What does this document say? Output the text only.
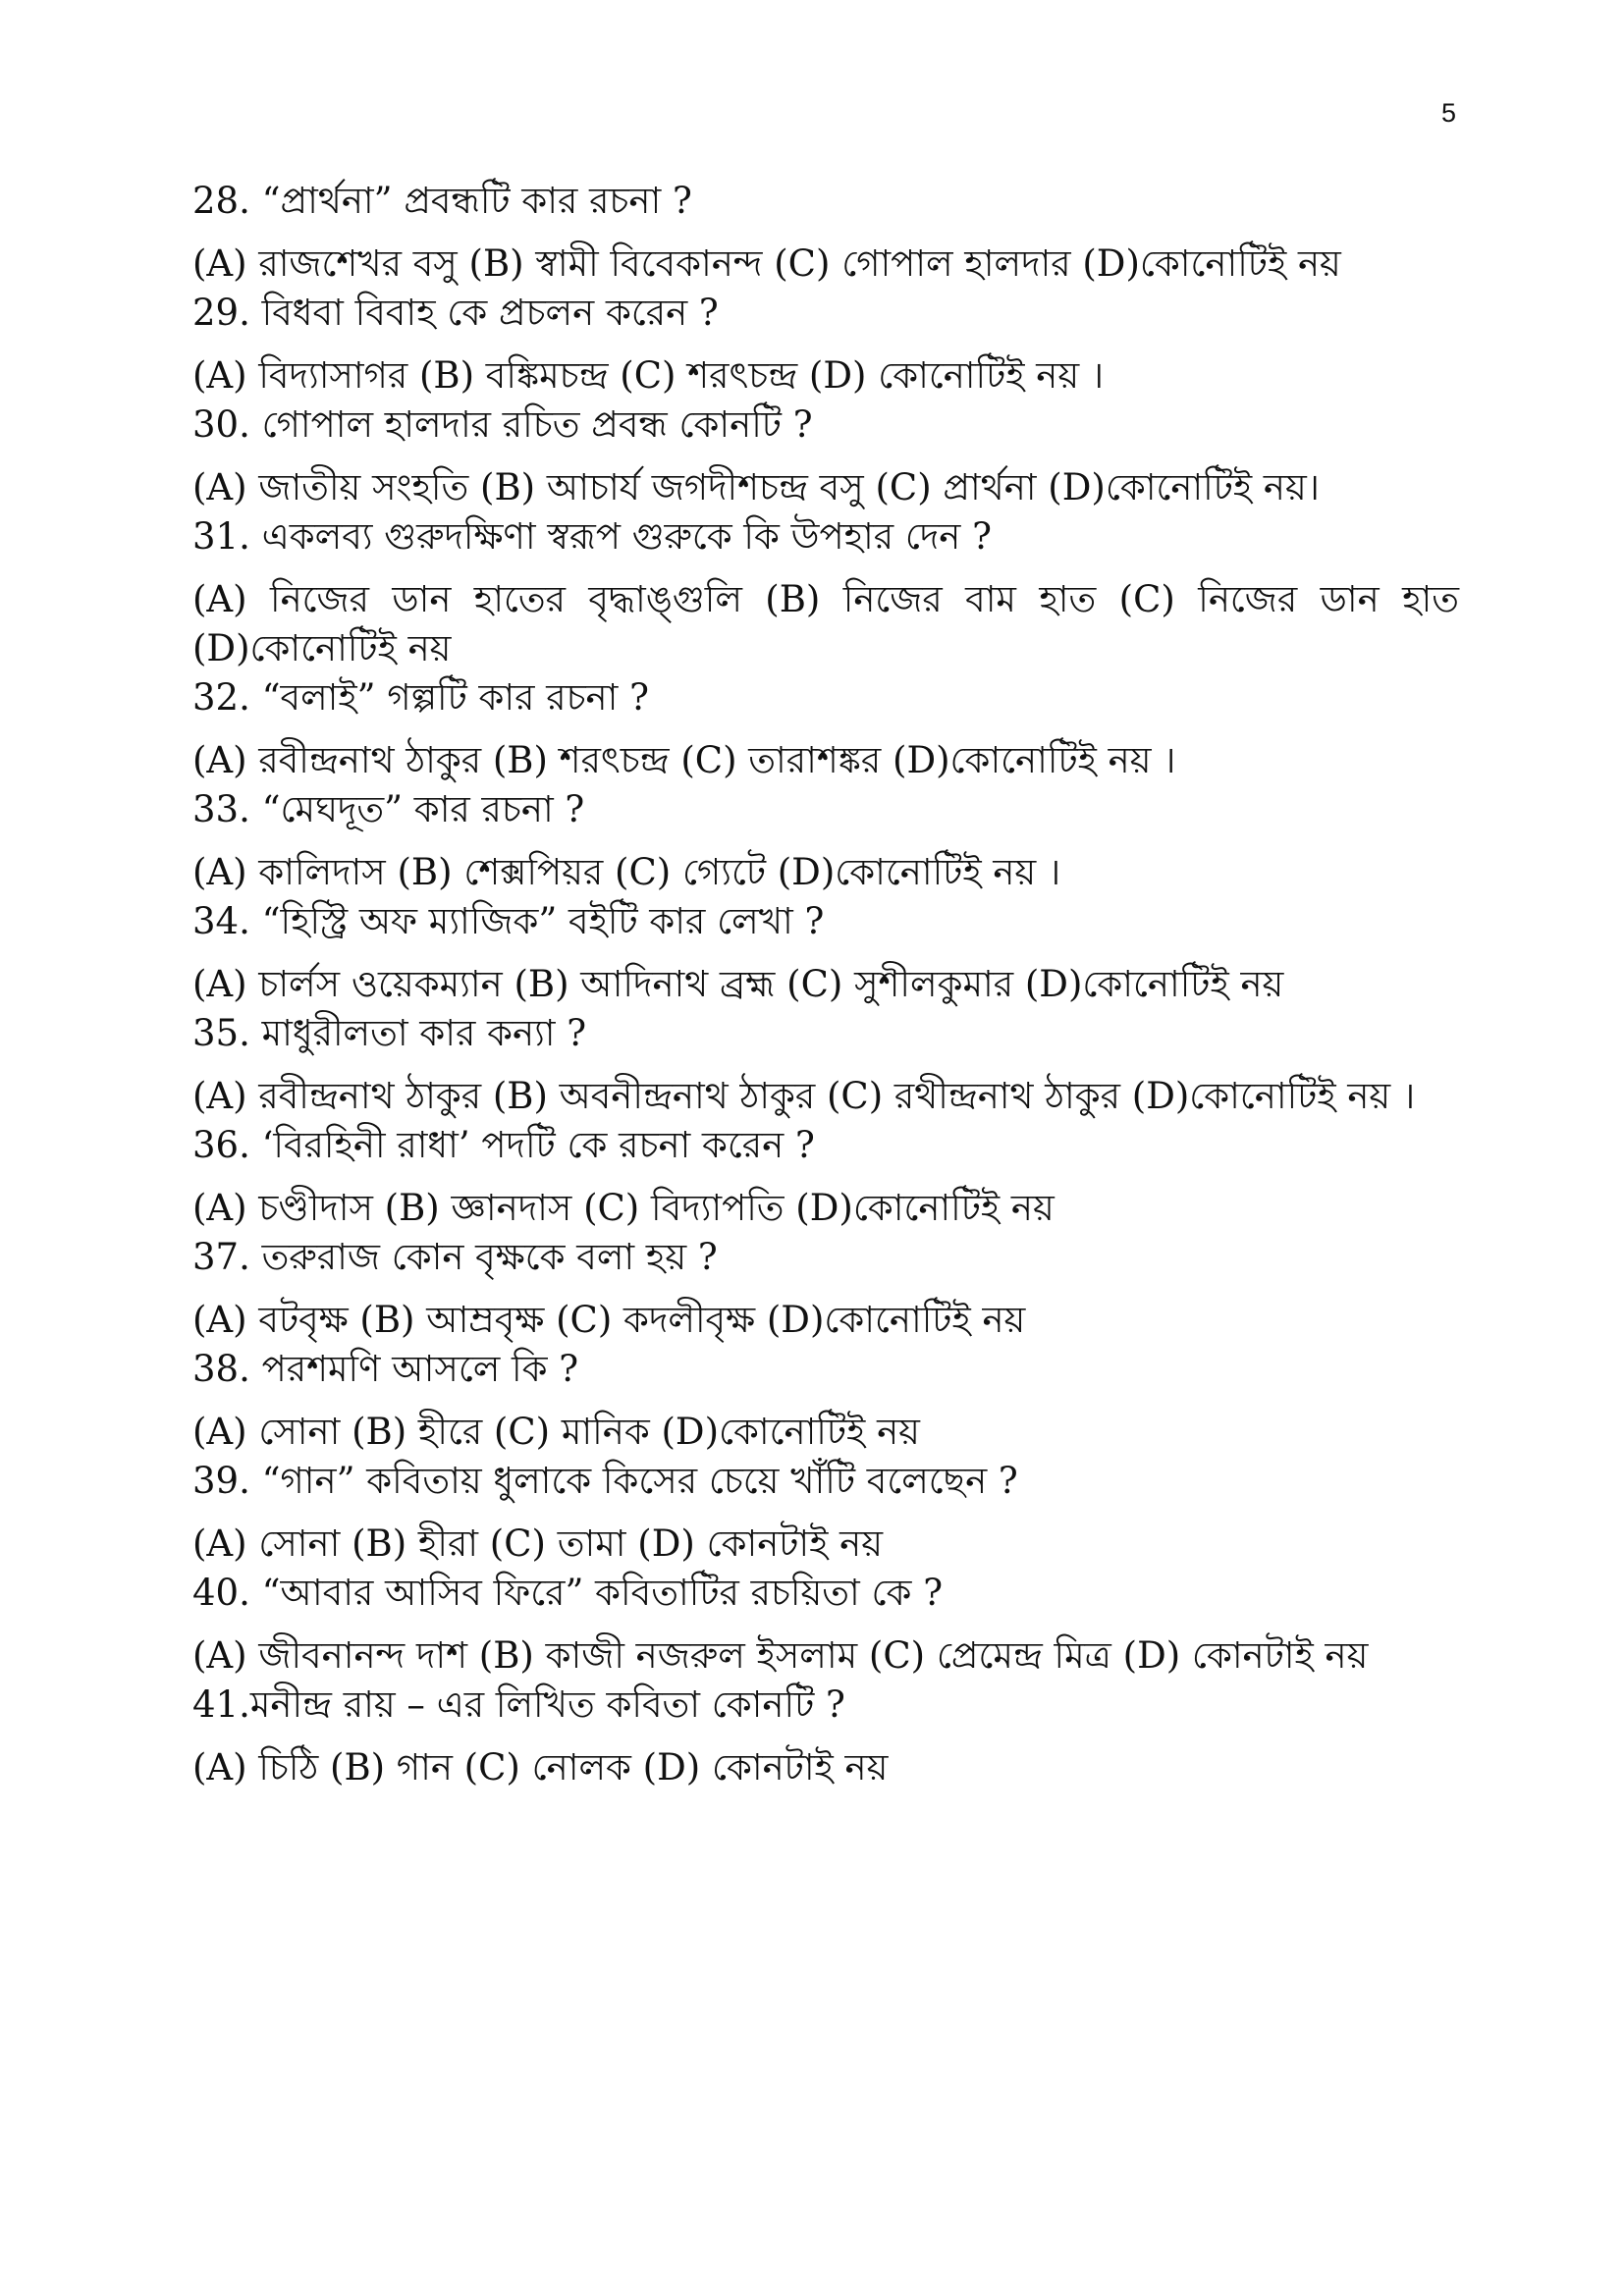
5

28. “প্রার্থনা” প্রবন্ধটি কার রচনা ?

(A) রাজশেখর বসু (B) স্বামী বিবেকানন্দ (C) গোপাল হালদার (D)কোনোটিই নয়

29. বিধবা বিবাহ কে প্রচলন করেন ?

(A) বিদ্যাসাগর (B) বঙ্কিমচন্দ্র (C) শরৎচন্দ্র (D) কোনোটিই নয় ।

30. গোপাল হালদার রচিত প্রবন্ধ কোনটি ?

(A) জাতীয় সংহতি (B) আচার্য জগদীশচন্দ্র বসু (C) প্রার্থনা (D)কোনোটিই নয়।

31. একলব্য গুরুদক্ষিণা স্বরূপ গুরুকে কি উপহার দেন ?

(A) নিজের ডান হাতের বৃদ্ধাঙ্গুলি (B) নিজের বাম হাত (C) নিজের ডান হাত (D)কোনোটিই নয়

32. “বলাই” গল্পটি কার রচনা ?

(A) রবীন্দ্রনাথ ঠাকুর (B) শরৎচন্দ্র (C) তারাশঙ্কর (D)কোনোটিই নয় ।

33. “মেঘদূত” কার রচনা ?

(A) কালিদাস (B) শেক্সপিয়র (C) গ্যেটে (D)কোনোটিই নয় ।

34. “হিস্ট্রি অফ ম্যাজিক” বইটি কার লেখা ?

(A) চার্লস ওয়েকম্যান (B) আদিনাথ ব্রহ্ম (C) সুশীলকুমার (D)কোনোটিই নয়

35. মাধুরীলতা কার কন্যা ?

(A) রবীন্দ্রনাথ ঠাকুর (B) অবনীন্দ্রনাথ ঠাকুর (C) রথীন্দ্রনাথ ঠাকুর (D)কোনোটিই নয় ।

36. ‘বিরহিনী রাধা’ পদটি কে রচনা করেন ?

(A) চণ্ডীদাস (B) জ্ঞানদাস (C) বিদ্যাপতি (D)কোনোটিই নয়

37. তরুরাজ কোন বৃক্ষকে বলা হয় ?

(A) বটবৃক্ষ (B) আম্রবৃক্ষ (C) কদলীবৃক্ষ (D)কোনোটিই নয়

38. পরশমণি আসলে কি ?

(A) সোনা (B) হীরে (C) মানিক (D)কোনোটিই নয়

39. “গান” কবিতায় ধুলাকে কিসের চেয়ে খাঁটি বলেছেন ?

(A) সোনা (B) হীরা (C) তামা (D) কোনটাই নয়

40. “আবার আসিব ফিরে” কবিতাটির রচয়িতা কে ?

(A) জীবনানন্দ দাশ (B) কাজী নজরুল ইসলাম (C) প্রেমেন্দ্র মিত্র (D) কোনটাই নয়

41.মনীন্দ্র রায় – এর লিখিত কবিতা কোনটি ?

(A) চিঠি (B) গান (C) নোলক (D) কোনটাই নয়
